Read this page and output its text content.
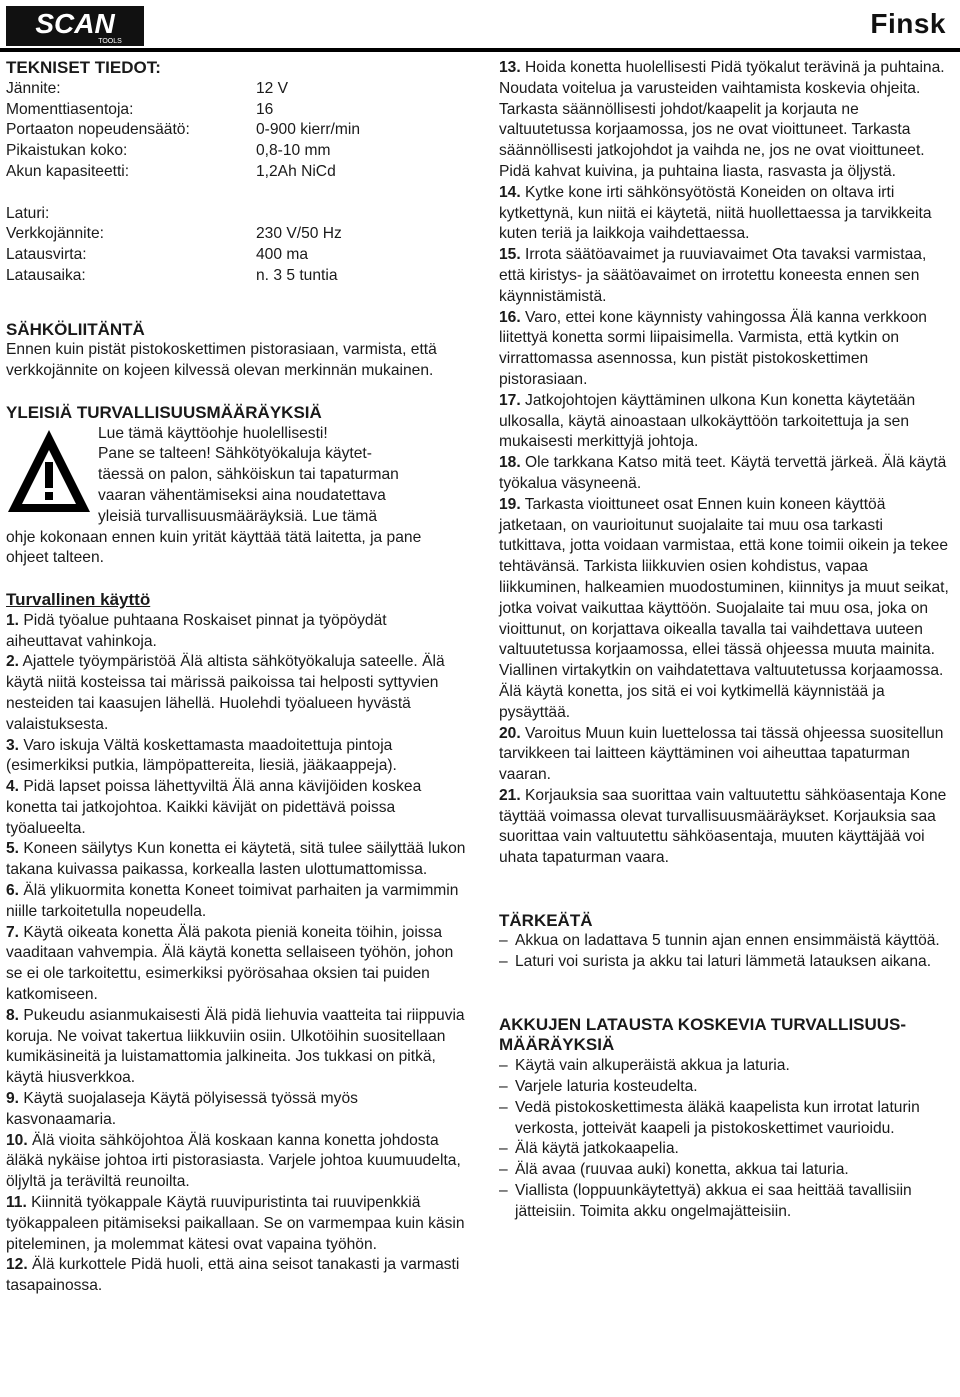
SCAN
TOOLS
Finsk

TEKNISET TIEDOT:

Jännite:	12 V
Momenttiasentoja:	16
Portaaton nopeudensäätö:	0-900 kierr/min
Pikaistukan koko:	0,8-10 mm
Akun kapasiteetti:	1,2Ah NiCd

Laturi:

Verkkojännite:	230 V/50 Hz
Latausvirta:	400 ma
Latausaika:	n. 3 5 tuntia

SÄHKÖLIITÄNTÄ

Ennen kuin pistät pistokoskettimen pistorasiaan, varmista, että verkkojännite on kojeen kilvessä olevan merkinnän mukainen.

YLEISIÄ TURVALLISUUSMÄÄRÄYKSIÄ

Lue tämä käyttöohje huolellisesti!
Pane se talteen! Sähkötyökaluja käytet-
täessä on palon, sähköiskun tai tapaturman
vaaran vähentämiseksi aina noudatettava
yleisiä turvallisuusmääräyksiä. Lue tämä

ohje kokonaan ennen kuin yrität käyttää tätä laitetta, ja pane ohjeet talteen.

Turvallinen käyttö

1. Pidä työalue puhtaana Roskaiset pinnat ja työpöydät aiheuttavat vahinkoja.

2. Ajattele työympäristöä Älä altista sähkötyökaluja sateelle. Älä käytä niitä kosteissa tai märissä paikoissa tai helposti syttyvien nesteiden tai kaasujen lähellä. Huolehdi työalueen hyvästä valaistuksesta.

3. Varo iskuja Vältä koskettamasta maadoitettuja pintoja (esimerkiksi putkia, lämpöpattereita, liesiä, jääkaappeja).

4. Pidä lapset poissa lähettyviltä Älä anna kävijöiden koskea konetta tai jatkojohtoa. Kaikki kävijät on pidettävä poissa työalueelta.

5. Koneen säilytys Kun konetta ei käytetä, sitä tulee säilyttää lukon takana kuivassa paikassa, korkealla lasten ulottumattomissa.

6. Älä ylikuormita konetta Koneet toimivat parhaiten ja varmimmin niille tarkoitetulla nopeudella.

7. Käytä oikeata konetta Älä pakota pieniä koneita töihin, joissa vaaditaan vahvempia. Älä käytä konetta sellaiseen työhön, johon se ei ole tarkoitettu, esimerkiksi pyörösahaa oksien tai puiden katkomiseen.

8. Pukeudu asianmukaisesti Älä pidä liehuvia vaatteita tai riippuvia koruja. Ne voivat takertua liikkuviin osiin. Ulkotöihin suositellaan kumikäsineitä ja luistamattomia jalkineita. Jos tukkasi on pitkä, käytä hiusverkkoa.

9. Käytä suojalaseja Käytä pölyisessä työssä myös kasvonaamaria.

10. Älä vioita sähköjohtoa Älä koskaan kanna konetta johdosta äläkä nykäise johtoa irti pistorasiasta. Varjele johtoa kuumuudelta, öljyltä ja teräviltä reunoilta.

11. Kiinnitä työkappale Käytä ruuvipuristinta tai ruuvipenkkiä työkappaleen pitämiseksi paikallaan. Se on varmempaa kuin käsin piteleminen, ja molemmat kätesi ovat vapaina työhön.

12. Älä kurkottele Pidä huoli, että aina seisot tanakasti ja varmasti tasapainossa.

13. Hoida konetta huolellisesti Pidä työkalut terävinä ja puhtaina. Noudata voitelua ja varusteiden vaihtamista koskevia ohjeita. Tarkasta säännöllisesti johdot/kaapelit ja korjauta ne valtuutetussa korjaamossa, jos ne ovat vioittuneet. Tarkasta säännöllisesti jatkojohdot ja vaihda ne, jos ne ovat vioittuneet. Pidä kahvat kuivina, ja puhtaina liasta, rasvasta ja öljystä.

14. Kytke kone irti sähkönsyötöstä Koneiden on oltava irti kytkettynä, kun niitä ei käytetä, niitä huollettaessa ja tarvikkeita kuten teriä ja laikkoja vaihdettaessa.

15. Irrota säätöavaimet ja ruuviavaimet Ota tavaksi varmistaa, että kiristys- ja säätöavaimet on irrotettu koneesta ennen sen käynnistämistä.

16. Varo, ettei kone käynnisty vahingossa Älä kanna verkkoon liitettyä konetta sormi liipaisimella. Varmista, että kytkin on virrattomassa asennossa, kun pistät pistokoskettimen pistorasiaan.

17. Jatkojohtojen käyttäminen ulkona Kun konetta käytetään ulkosalla, käytä ainoastaan ulkokäyttöön tarkoitettuja ja sen mukaisesti merkittyjä johtoja.

18. Ole tarkkana Katso mitä teet. Käytä tervettä järkeä. Älä käytä työkalua väsyneenä.

19. Tarkasta vioittuneet osat Ennen kuin koneen käyttöä jatketaan, on vaurioitunut suojalaite tai muu osa tarkasti tutkittava, jotta voidaan varmistaa, että kone toimii oikein ja tekee tehtävänsä. Tarkista liikkuvien osien kohdistus, vapaa liikkuminen, halkeamien muodostuminen, kiinnitys ja muut seikat, jotka voivat vaikuttaa käyttöön. Suojalaite tai muu osa, joka on vioittunut, on korjattava oikealla tavalla tai vaihdettava uuteen valtuutetussa korjaamossa, ellei tässä ohjeessa muuta mainita. Viallinen virtakytkin on vaihdatettava valtuutetussa korjaamossa. Älä käytä konetta, jos sitä ei voi kytkimellä käynnistää ja pysäyttää.

20. Varoitus Muun kuin luettelossa tai tässä ohjeessa suositellun tarvikkeen tai laitteen käyttäminen voi aiheuttaa tapaturman vaaran.

21. Korjauksia saa suorittaa vain valtuutettu sähköasentaja Kone täyttää voimassa olevat turvallisuusmääräykset. Korjauksia saa suorittaa vain valtuutettu sähköasentaja, muuten käyttäjää voi uhata tapaturman vaara.

TÄRKEÄTÄ

– Akkua on ladattava 5 tunnin ajan ennen ensimmäistä käyttöä.
– Laturi voi surista ja akku tai laturi lämmetä latauksen aikana.

AKKUJEN LATAUSTA KOSKEVIA TURVALLISUUS-MÄÄRÄYKSIÄ

– Käytä vain alkuperäistä akkua ja laturia.
– Varjele laturia kosteudelta.
– Vedä pistokoskettimesta äläkä kaapelista kun irrotat laturin verkosta, jotteivät kaapeli ja pistokoskettimet vaurioidu.
– Älä käytä jatkokaapelia.
– Älä avaa (ruuvaa auki) konetta, akkua tai laturia.
– Viallista (loppuunkäytettyä) akkua ei saa heittää tavallisiin jätteisiin. Toimita akku ongelmajätteisiin.
